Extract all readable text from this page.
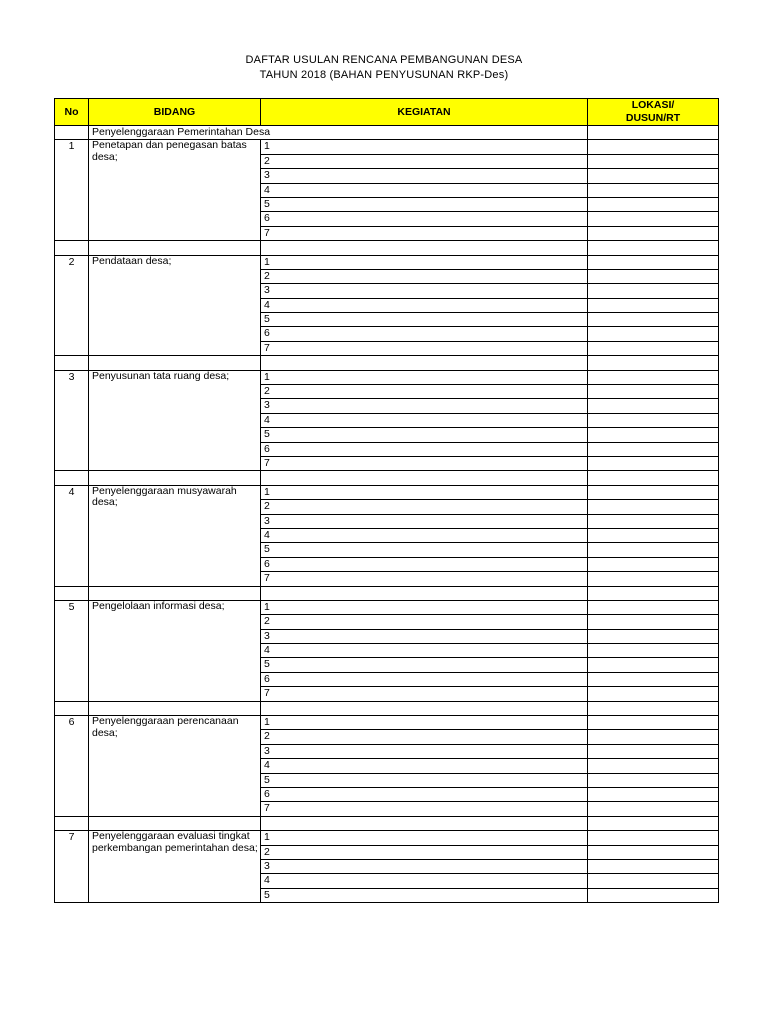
DAFTAR USULAN RENCANA PEMBANGUNAN DESA
TAHUN 2018 (BAHAN PENYUSUNAN RKP-Des)
No	BIDANG	KEGIATAN	LOKASI/
DUSUN/RT

	Penyelenggaraan Pemerintahan Desa		
1	Penetapan dan penegasan batas desa;	1	
		2	
		3	
		4	
		5	
		6	
		7	

2	Pendataan desa;	1	
		2	
		3	
		4	
		5	
		6	
		7	

3	Penyusunan tata ruang desa;	1	
		2	
		3	
		4	
		5	
		6	
		7	

4	Penyelenggaraan musyawarah desa;	1	
		2	
		3	
		4	
		5	
		6	
		7	

5	Pengelolaan informasi desa;	1	
		2	
		3	
		4	
		5	
		6	
		7	

6	Penyelenggaraan perencanaan desa;	1	
		2	
		3	
		4	
		5	
		6	
		7	

7	Penyelenggaraan evaluasi tingkat perkembangan pemerintahan desa;	1	
		2	
		3	
		4	
		5	
